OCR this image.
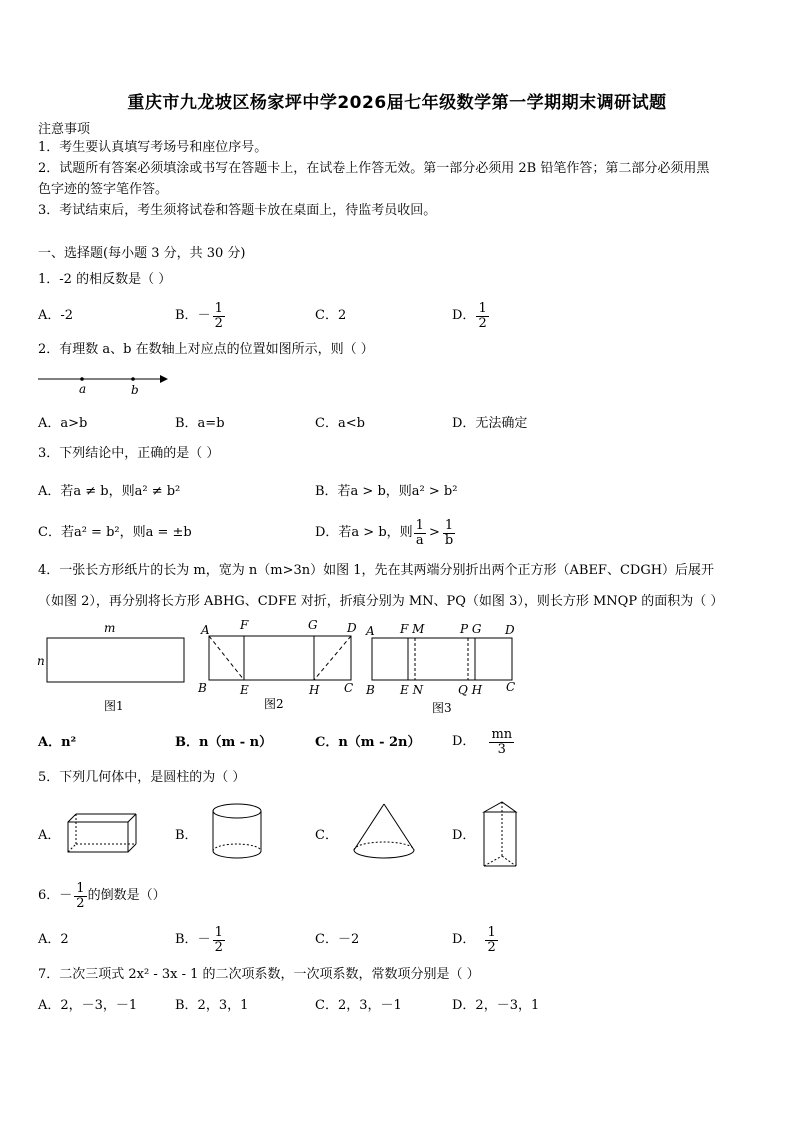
重庆市九龙坡区杨家坪中学2026届七年级数学第一学期期末调研试题
注意事项
1．考生要认真填写考场号和座位序号。
2．试题所有答案必须填涂或书写在答题卡上，在试卷上作答无效。第一部分必须用 2B 铅笔作答；第二部分必须用黑
色字迹的签字笔作答。
3．考试结束后，考生须将试卷和答题卡放在桌面上，待监考员收回。
一、选择题(每小题 3 分，共 30 分)
1．-2 的相反数是（ ）
A．-2	B． － $\frac{1}{2}$	C．2	D． $\frac{1}{2}$
2．有理数 a、b 在数轴上对应点的位置如图所示，则（ ）
a	b
A．a>b	B．a=b	C．a<b	D．无法确定
3．下列结论中，正确的是（ ）
A．若a ≠ b，则a² ≠ b²	B．若a > b，则a² > b²
C．若a² = b²，则a = ±b	D．若a > b，则 $\frac{1}{a} > \frac{1}{b}$
4．一张长方形纸片的长为 m，宽为 n（m>3n）如图 1，先在其两端分别折出两个正方形（ABEF、CDGH）后展开
（如图 2），再分别将长方形 ABHG、CDFE 对折，折痕分别为 MN、PQ（如图 3），则长方形 MNQP 的面积为（ ）
m
n
图1
A	F	G D
B	E	H C
图2
A F M	P G D
B E N	Q H C
图3
A．n²	B．n（m - n）	C．n（m - 2n） D． $\frac{mn}{3}$
5．下列几何体中，是圆柱的为（ ）
A．	B．	C．	D．
6． － $\frac{1}{2}$ 的倒数是（）
A．2	B． － $\frac{1}{2}$	C．－2	D． $\frac{1}{2}$
7．二次三项式 2x² - 3x - 1 的二次项系数，一次项系数，常数项分别是（ ）
A．2，－3，－1	B．2，3，1	C．2，3，－1	D．2，－3，1
